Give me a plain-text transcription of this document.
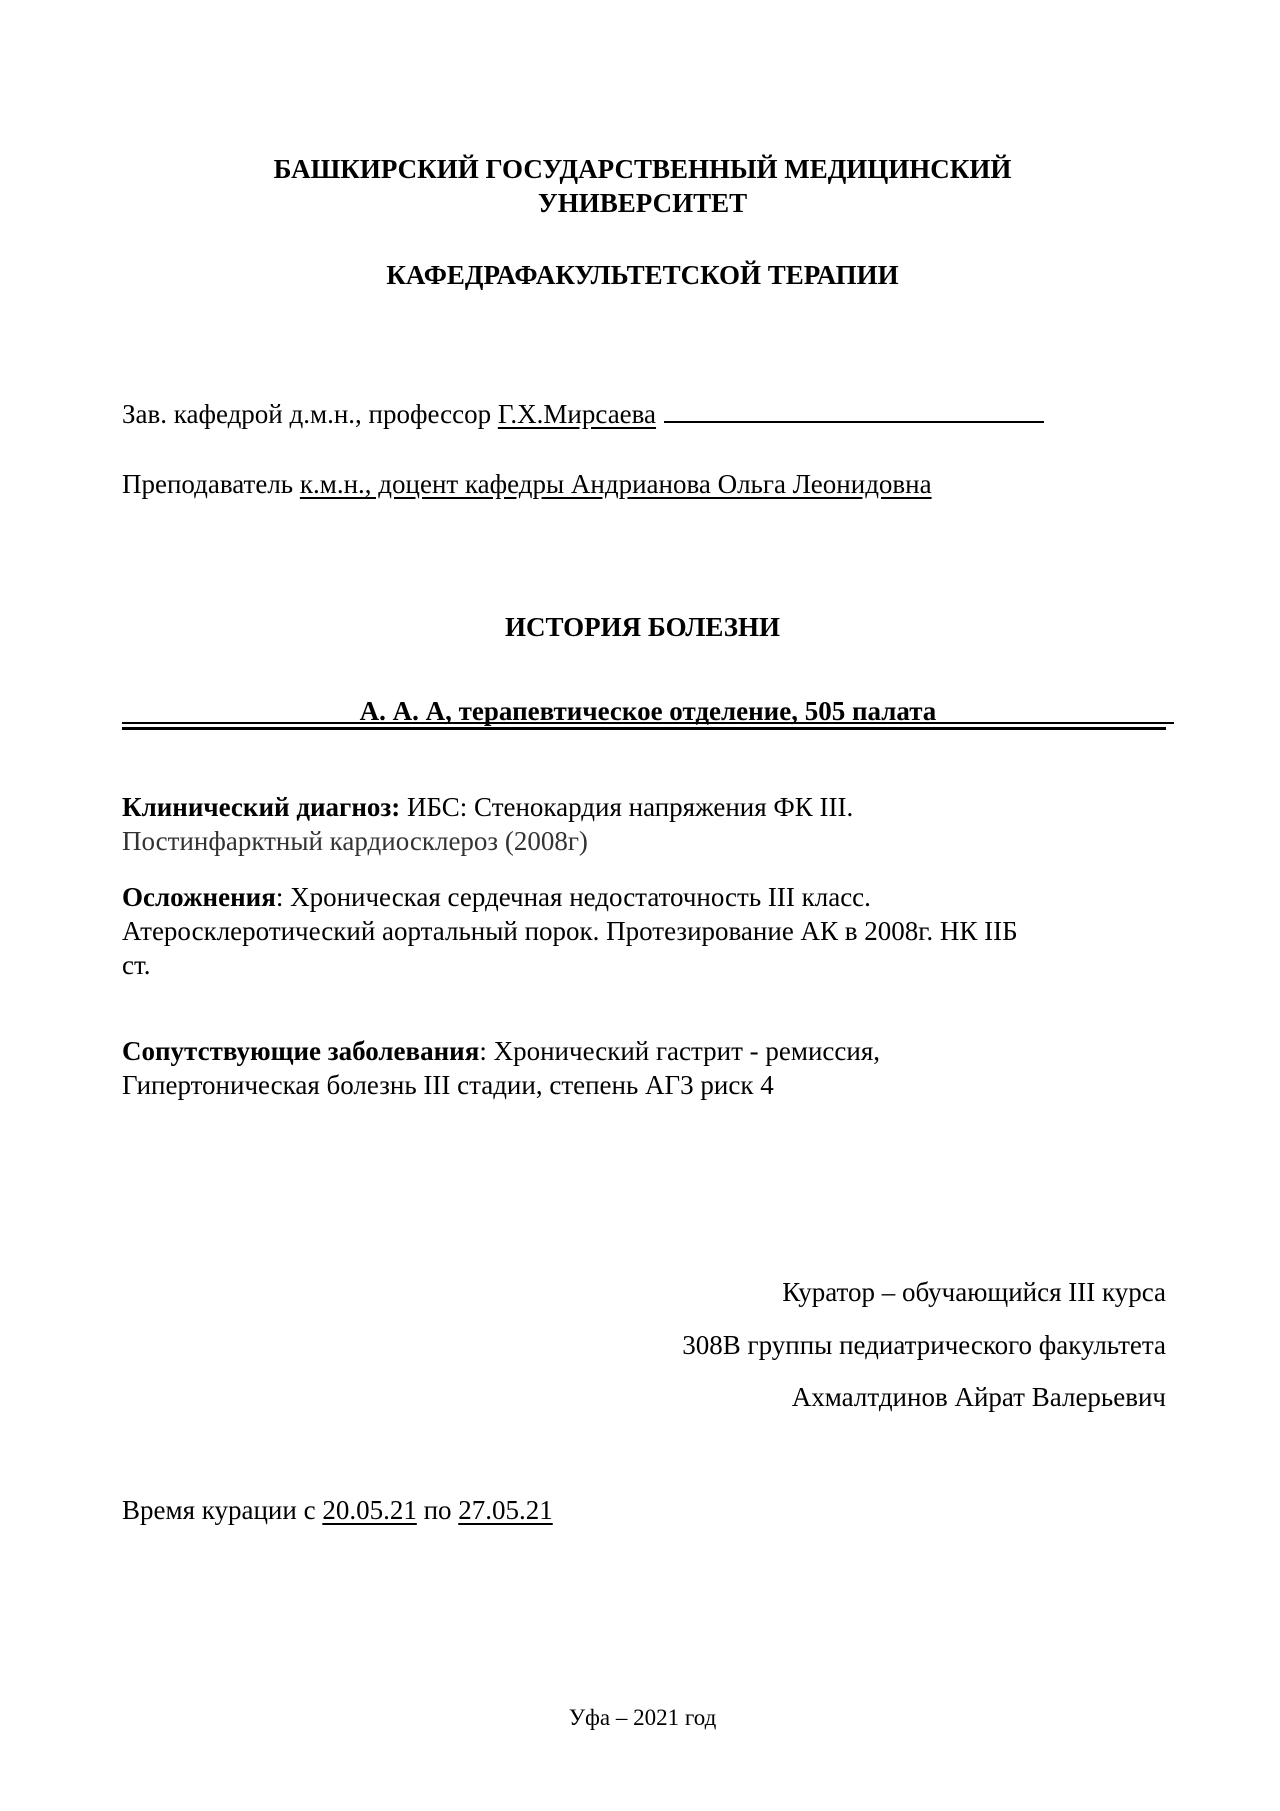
БАШКИРСКИЙ ГОСУДАРСТВЕННЫЙ МЕДИЦИНСКИЙ
УНИВЕРСИТЕТ
КАФЕДРАФАКУЛЬТЕТСКОЙ ТЕРАПИИ
Зав. кафедрой д.м.н., профессор Г.Х.Мирсаева
Преподаватель к.м.н., доцент кафедры Андрианова Ольга Леонидовна
ИСТОРИЯ БОЛЕЗНИ
А. А. А, терапевтическое отделение, 505 палата
Клинический диагноз: ИБС: Стенокардия напряжения ФК III.
Постинфарктный кардиосклероз (2008г)
Осложнения: Хроническая сердечная недостаточность III класс.
Атеросклеротический аортальный порок. Протезирование АК в 2008г. НК IIБ
ст.
Сопутствующие заболевания: Хронический гастрит - ремиссия,
Гипертоническая болезнь III стадии, степень АГ3 риск 4
Куратор – обучающийся III курса
308В группы педиатрического факультета
Ахмалтдинов Айрат Валерьевич
Время курации с 20.05.21 по 27.05.21
Уфа – 2021 год
